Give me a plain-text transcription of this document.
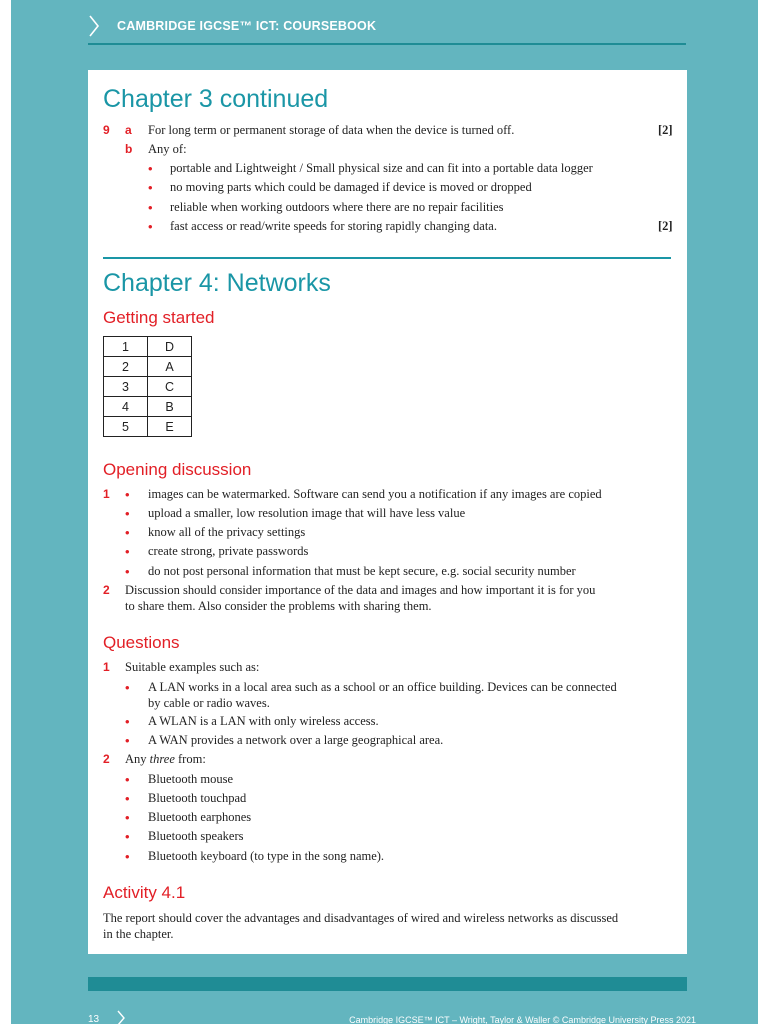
CAMBRIDGE IGCSE™ ICT: COURSEBOOK
Chapter 3 continued
9 a For long term or permanent storage of data when the device is turned off.	[2]
b Any of:
• portable and Lightweight / Small physical size and can fit into a portable data logger
• no moving parts which could be damaged if device is moved or dropped
• reliable when working outdoors where there are no repair facilities
• fast access or read/write speeds for storing rapidly changing data.	[2]
Chapter 4: Networks
Getting started
1	D
2	A
3	C
4	B
5	E
Opening discussion
1 • images can be watermarked. Software can send you a notification if any images are copied
• upload a smaller, low resolution image that will have less value
• know all of the privacy settings
• create strong, private passwords
• do not post personal information that must be kept secure, e.g. social security number
2 Discussion should consider importance of the data and images and how important it is for you
to share them. Also consider the problems with sharing them.
Questions
1 Suitable examples such as:
• A LAN works in a local area such as a school or an office building. Devices can be connected
by cable or radio waves.
• A WLAN is a LAN with only wireless access.
• A WAN provides a network over a large geographical area.
2 Any three from:
• Bluetooth mouse
• Bluetooth touchpad
• Bluetooth earphones
• Bluetooth speakers
• Bluetooth keyboard (to type in the song name).
Activity 4.1
The report should cover the advantages and disadvantages of wired and wireless networks as discussed
in the chapter.
13	Cambridge IGCSE™ ICT – Wright, Taylor & Waller © Cambridge University Press 2021
